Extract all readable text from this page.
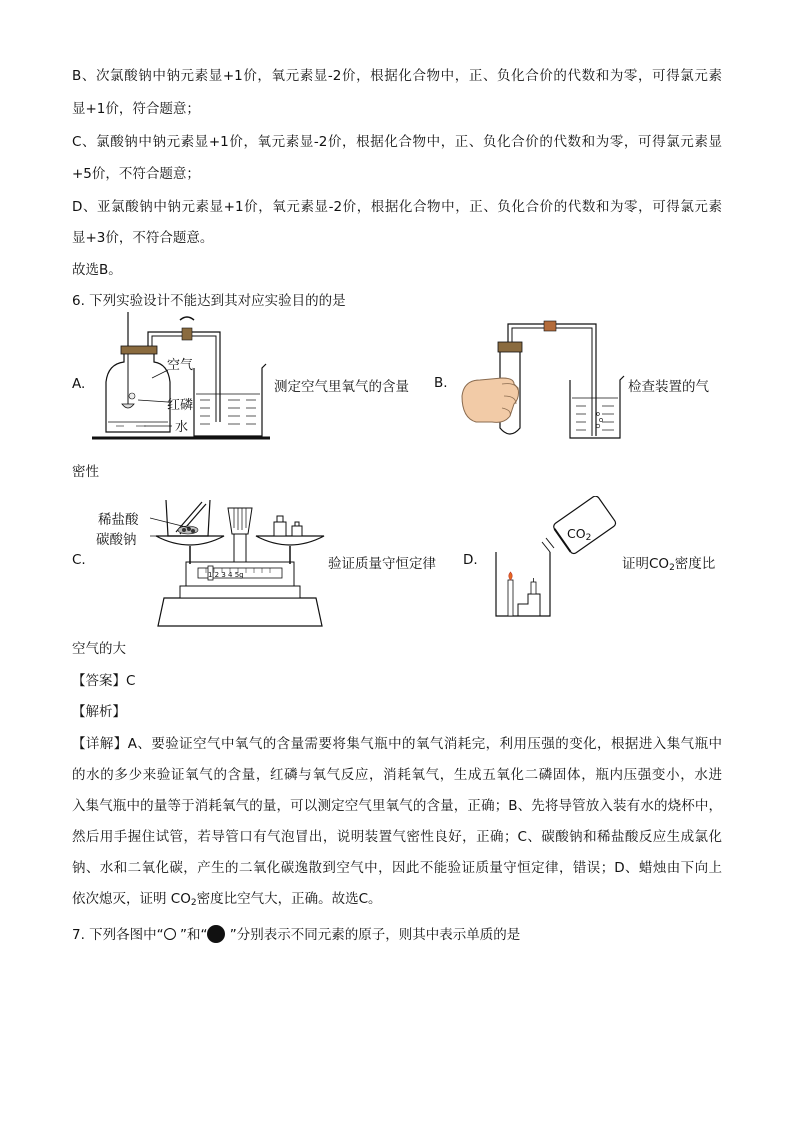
B、次氯酸钠中钠元素显+1价，氧元素显-2价，根据化合物中，正、负化合价的代数和为零，可得氯元素
显+1价，符合题意；
C、氯酸钠中钠元素显+1价，氧元素显-2价，根据化合物中，正、负化合价的代数和为零，可得氯元素显
+5价，不符合题意；
D、亚氯酸钠中钠元素显+1价，氧元素显-2价，根据化合物中，正、负化合价的代数和为零，可得氯元素
显+3价，不符合题意。
故选B。
6. 下列实验设计不能达到其对应实验目的的是
A.
空气
红磷
水
测定空气里氧气的含量 B.	检查装置的气
密性
C.
1 2 3 4 5g
稀盐酸
碳酸钠
验证质量守恒定律 D.
$CO_2$
证明$CO_2$密度比
空气的大
【答案】C
【解析】
【详解】A、要验证空气中氧气的含量需要将集气瓶中的氧气消耗完，利用压强的变化，根据进入集气瓶中
的水的多少来验证氧气的含量，红磷与氧气反应，消耗氧气，生成五氧化二磷固体，瓶内压强变小，水进
入集气瓶中的量等于消耗氧气的量，可以测定空气里氧气的含量，正确；B、先将导管放入装有水的烧杯中，
然后用手握住试管，若导管口有气泡冒出，说明装置气密性良好，正确；C、碳酸钠和稀盐酸反应生成氯化
钠、水和二氧化碳，产生的二氧化碳逸散到空气中，因此不能验证质量守恒定律，错误；D、蜡烛由下向上
依次熄灭，证明 $CO_2$密度比空气大，正确。故选C。
7. 下列各图中“ ”和“ ”分别表示不同元素的原子，则其中表示单质的是
